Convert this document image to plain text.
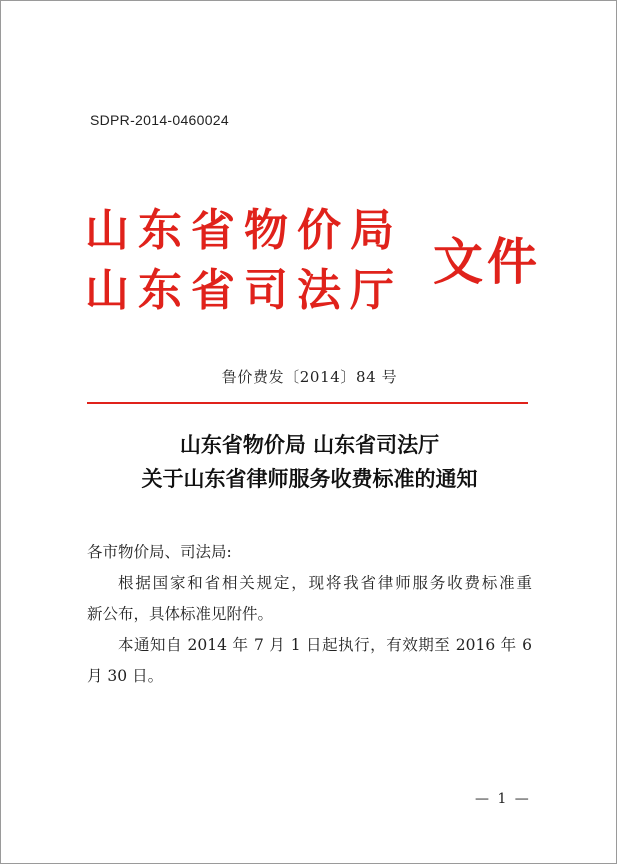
SDPR-2014-0460024
山东省物价局
山东省司法厅 文件
鲁价费发〔2014〕84 号
山东省物价局 山东省司法厅
关于山东省律师服务收费标准的通知
各市物价局、司法局:
根据国家和省相关规定，现将我省律师服务收费标准重
新公布，具体标准见附件。
本通知自 2014 年 7 月 1 日起执行，有效期至 2016 年 6
月 30 日。
— 1 —
